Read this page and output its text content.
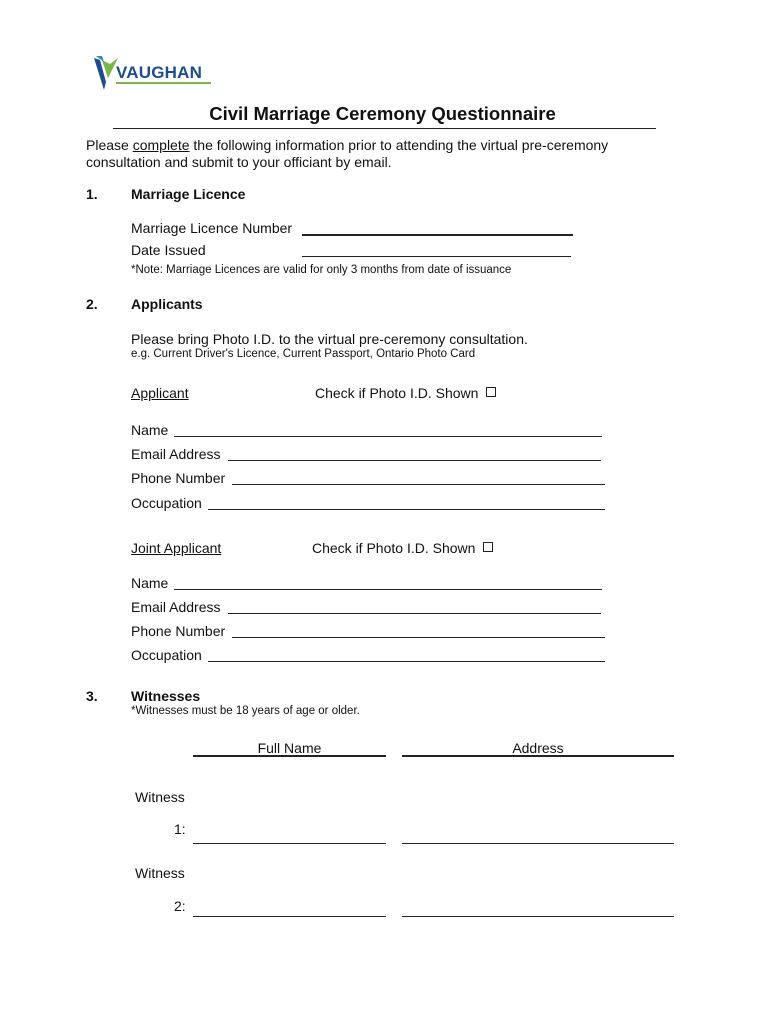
VAUGHAN
Civil Marriage Ceremony Questionnaire
Please complete the following information prior to attending the virtual pre-ceremony
consultation and submit to your officiant by email.
1. Marriage Licence
Marriage Licence Number
Date Issued
*Note: Marriage Licences are valid for only 3 months from date of issuance
2. Applicants
Please bring Photo I.D. to the virtual pre-ceremony consultation.
e.g. Current Driver's Licence, Current Passport, Ontario Photo Card
Applicant	Check if Photo I.D. Shown
Name
Email Address
Phone Number
Occupation
Joint Applicant	Check if Photo I.D. Shown
Name
Email Address
Phone Number
Occupation
3. Witnesses
*Witnesses must be 18 years of age or older.
Full Name	Address
Witness
1:
Witness
2:
